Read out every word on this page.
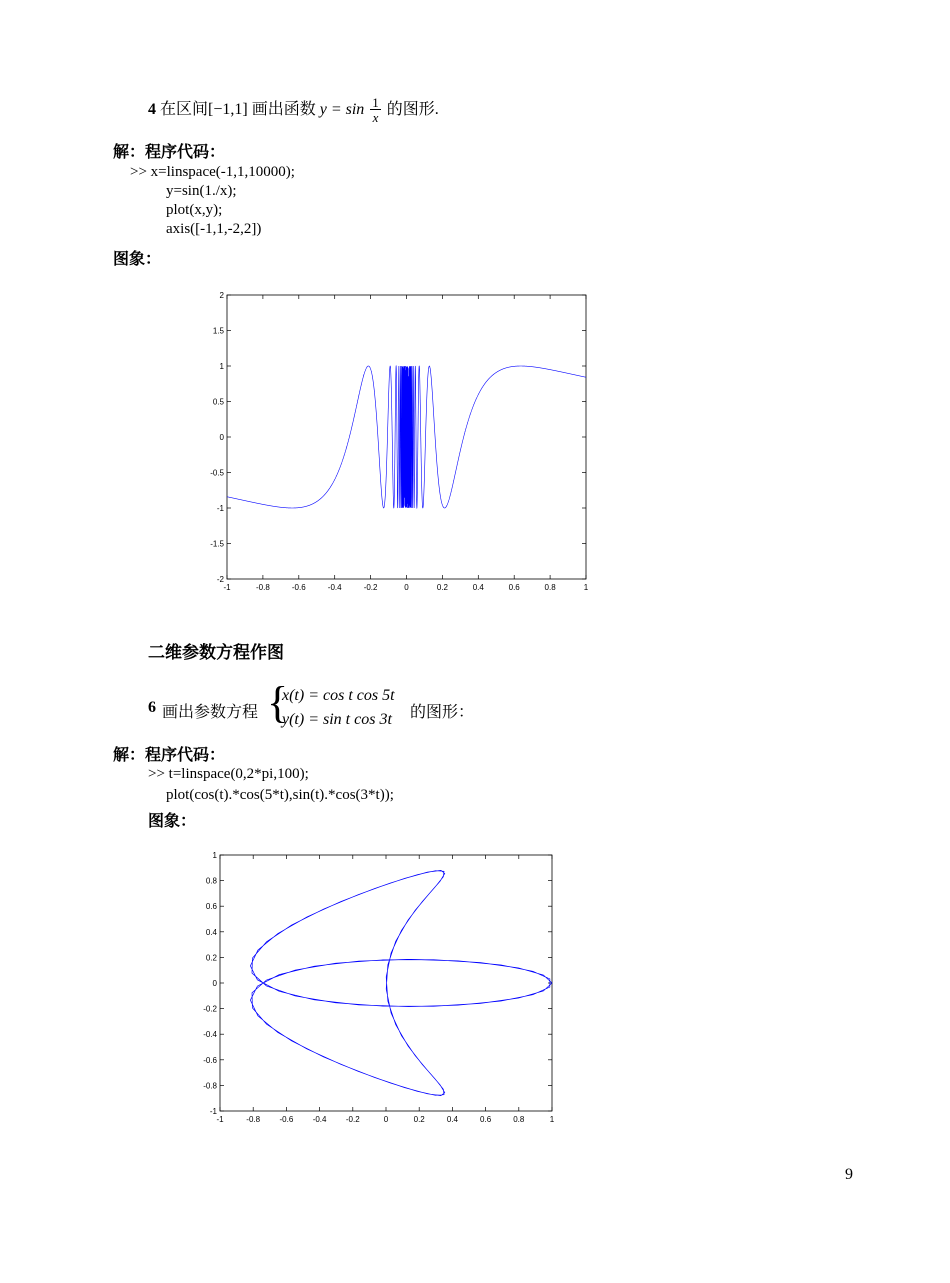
4 在区间[−1,1] 画出函数 $y = \sin \frac{1}{x}$ 的图形.
解：程序代码：
>> x=linspace(-1,1,10000);
y=sin(1./x);
plot(x,y);
axis([-1,1,-2,2])
图象：
-1	-0.8	-0.6	-0.4	-0.2	0	0.2	0.4	0.6	0.8	1
2
1.5
1
0.5
0
-0.5
-1
-1.5
-2
二维参数方程作图
6 画出参数方程 {
x(t) = cos t cos 5t
y(t) = sin t cos 3t 的图形：
解：程序代码：
>> t=linspace(0,2*pi,100);
plot(cos(t).*cos(5*t),sin(t).*cos(3*t));
图象：
-1	-0.8 -0.6 -0.4 -0.2	0	0.2	0.4	0.6	0.8	1
1
0.8
0.6
0.4
0.2
0
-0.2
-0.4
-0.6
-0.8
-1
9
